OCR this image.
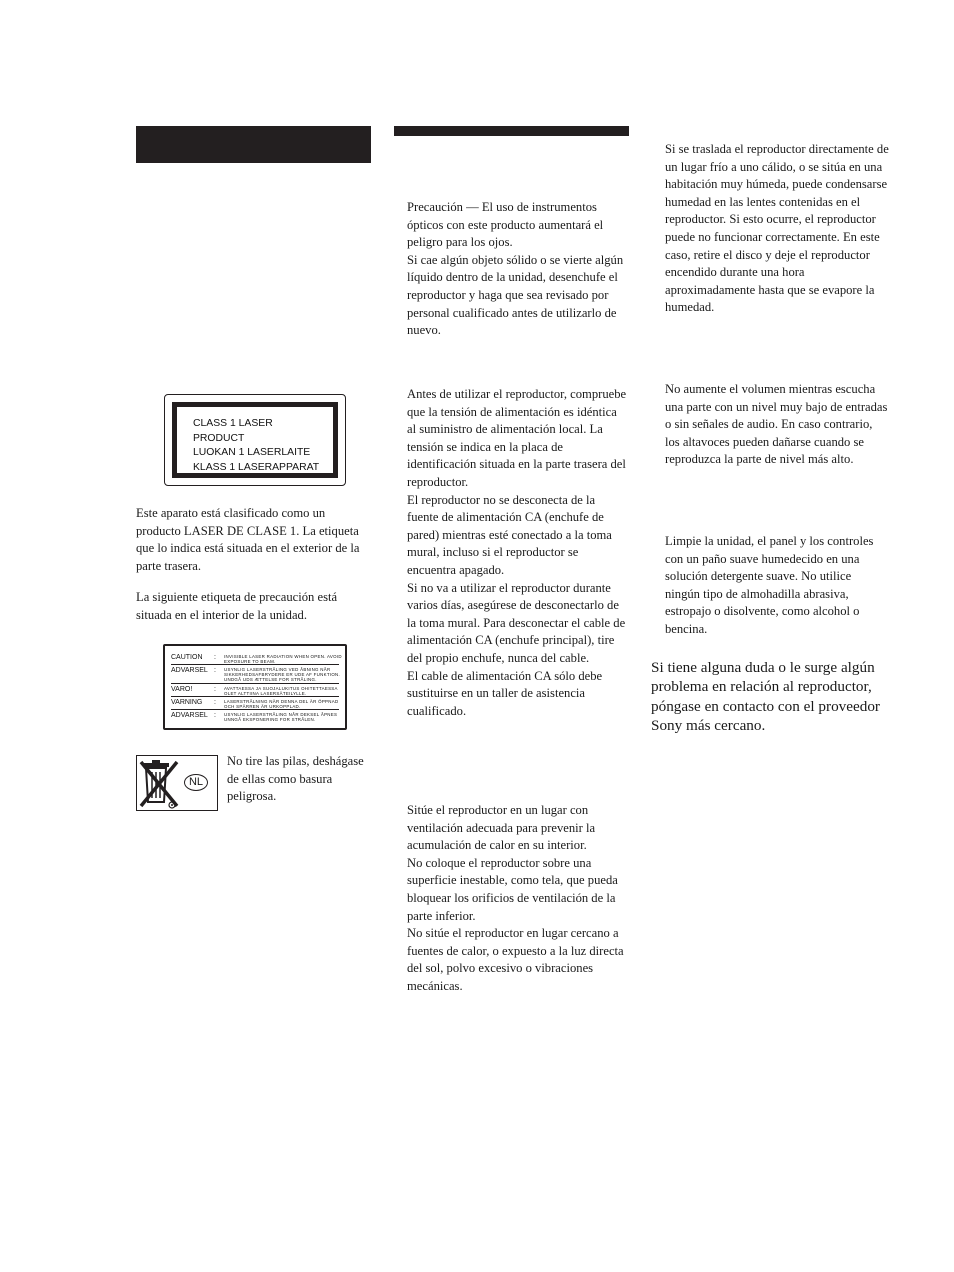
CLASS 1 LASER PRODUCT
LUOKAN 1 LASERLAITE
KLASS 1 LASERAPPARAT

Este aparato está clasificado como un producto LASER DE CLASE 1. La etiqueta que lo indica está situada en el exterior de la parte trasera.

La siguiente etiqueta de precaución está situada en el interior de la unidad.

CAUTION : INVISIBLE LASER RADIATION WHEN OPEN. AVOID EXPOSURE TO BEAM.
ADVARSEL : USYNLIG LASERSTRÅLING VED ÅBNING NÅR SIKKERHEDSAFBRYDERE ER UDE AF FUNKTION. UNDGÅ UDS ÆTTELSE FOR STRÅLING.
VARO!	: AVATTAESSA JA SUOJALUKITUS OHITETTAESSA OLET ALTTIINA LASERSÄTEILYLLE.
VARNING : LASERSTRÅLNING NÄR DENNA DEL ÄR ÖPPNAD OCH SPÄRREN ÄR URKOPPLAD.
ADVARSEL : USYNLIG LASERSTRÅLING NÅR DEKSEL ÅPNES UNNGÅ EKSPONERING FOR STRÅLEN.
NL

No tire las pilas, deshágase de ellas como basura peligrosa.

Precaución — El uso de instrumentos ópticos con este producto aumentará el peligro para los ojos.

Si cae algún objeto sólido o se vierte algún líquido dentro de la unidad, desenchufe el reproductor y haga que sea revisado por personal cualificado antes de utilizarlo de nuevo.

Antes de utilizar el reproductor, compruebe que la tensión de alimentación es idéntica al suministro de alimentación local. La tensión se indica en la placa de identificación situada en la parte trasera del reproductor.

El reproductor no se desconecta de la fuente de alimentación CA (enchufe de pared) mientras esté conectado a la toma mural, incluso si el reproductor se encuentra apagado.

Si no va a utilizar el reproductor durante varios días, asegúrese de desconectarlo de la toma mural. Para desconectar el cable de alimentación CA (enchufe principal), tire del propio enchufe, nunca del cable.

El cable de alimentación CA sólo debe sustituirse en un taller de asistencia cualificado.

Sitúe el reproductor en un lugar con ventilación adecuada para prevenir la acumulación de calor en su interior.

No coloque el reproductor sobre una superficie inestable, como tela, que pueda bloquear los orificios de ventilación de la parte inferior.

No sitúe el reproductor en lugar cercano a fuentes de calor, o expuesto a la luz directa del sol, polvo excesivo o vibraciones mecánicas.

Si se traslada el reproductor directamente de un lugar frío a uno cálido, o se sitúa en una habitación muy húmeda, puede condensarse humedad en las lentes contenidas en el reproductor. Si esto ocurre, el reproductor puede no funcionar correctamente. En este caso, retire el disco y deje el reproductor encendido durante una hora aproximadamente hasta que se evapore la humedad.

No aumente el volumen mientras escucha una parte con un nivel muy bajo de entradas o sin señales de audio. En caso contrario, los altavoces pueden dañarse cuando se reproduzca la parte de nivel más alto.

Limpie la unidad, el panel y los controles con un paño suave humedecido en una solución detergente suave. No utilice ningún tipo de almohadilla abrasiva, estropajo o disolvente, como alcohol o bencina.

Si tiene alguna duda o le surge algún problema en relación al reproductor, póngase en contacto con el proveedor Sony más cercano.
